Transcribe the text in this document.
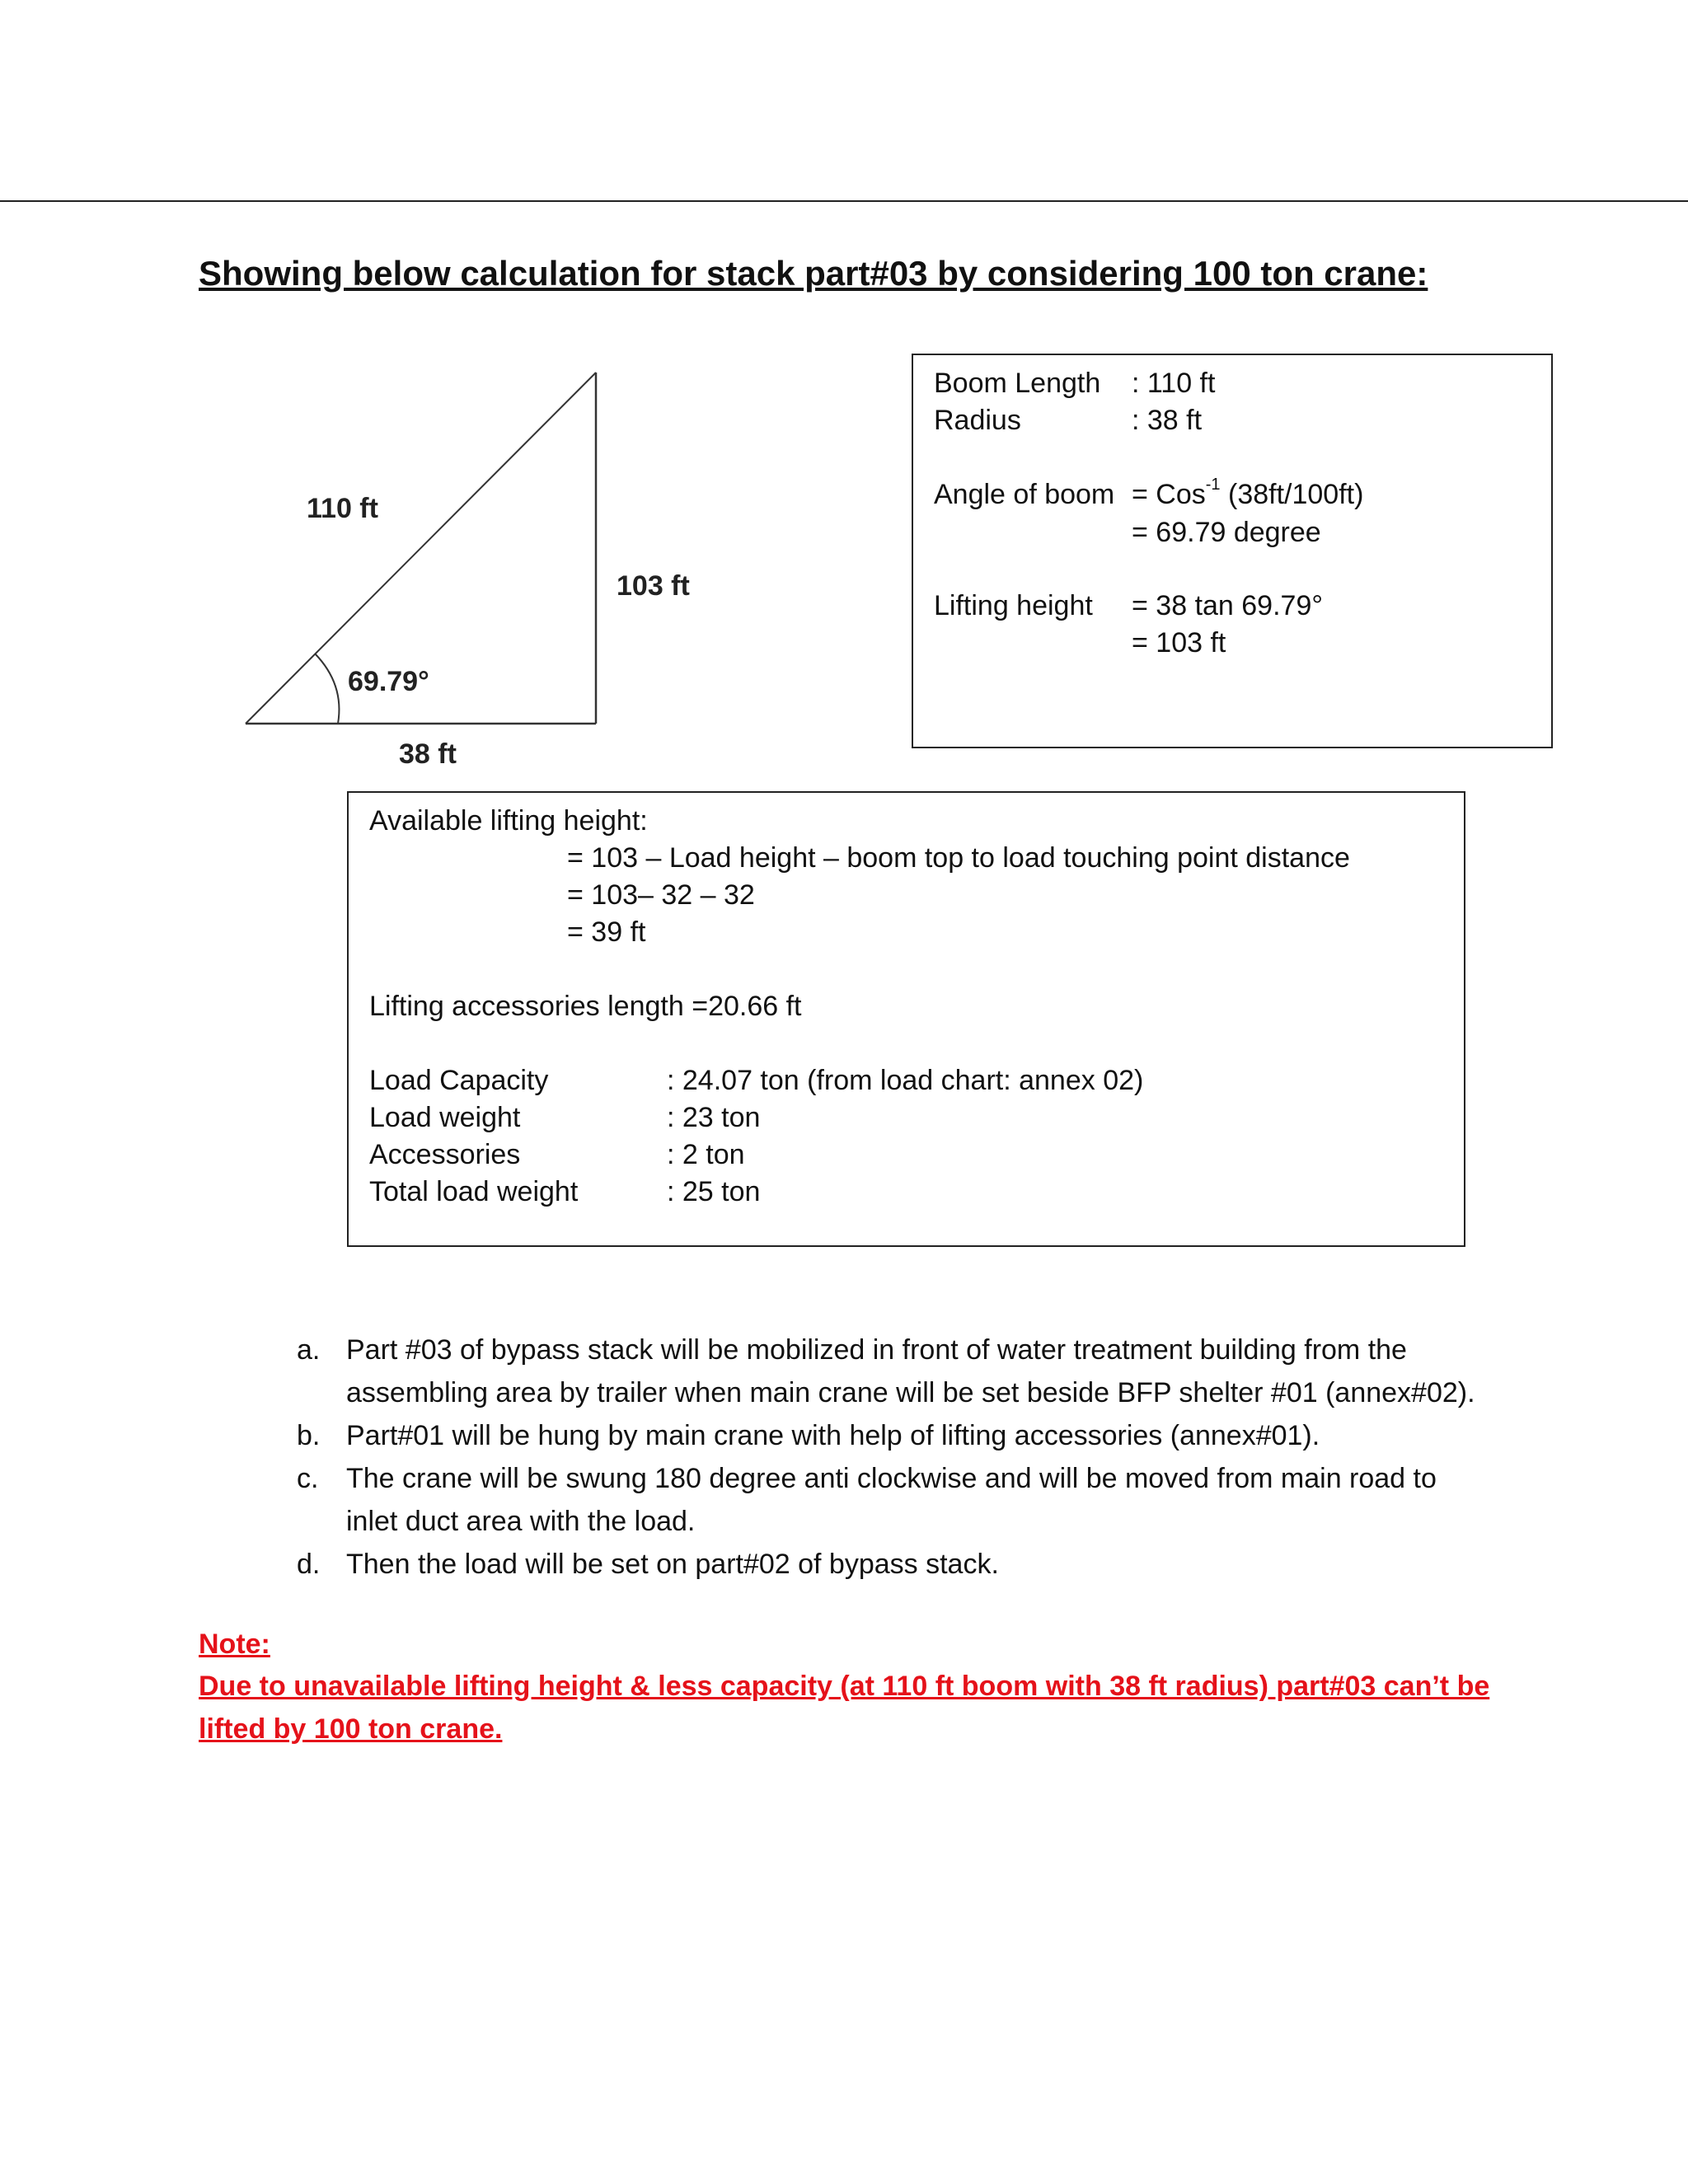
Showing below calculation for stack part#03 by considering 100 ton crane:
110 ft
103 ft
69.79°
38 ft
Boom Length : 110 ft
Radius	: 38 ft
Angle of boom = Cos$^{-1}$ (38ft/100ft)
= 69.79 degree
Lifting height = 38 tan 69.79°
= 103 ft
Available lifting height:
= 103 – Load height – boom top to load touching point distance
= 103– 32 – 32
= 39 ft
Lifting accessories length =20.66 ft
Load Capacity	: 24.07 ton (from load chart: annex 02)
Load weight	: 23 ton
Accessories	: 2 ton
Total load weight	: 25 ton
a. Part #03 of bypass stack will be mobilized in front of water treatment building from the assembling area by trailer when main crane will be set beside BFP shelter #01 (annex#02).
b. Part#01 will be hung by main crane with help of lifting accessories (annex#01).
c. The crane will be swung 180 degree anti clockwise and will be moved from main road to inlet duct area with the load.
d. Then the load will be set on part#02 of bypass stack.
Note:
Due to unavailable lifting height & less capacity (at 110 ft boom with 38 ft radius) part#03 can’t be
lifted by 100 ton crane.
